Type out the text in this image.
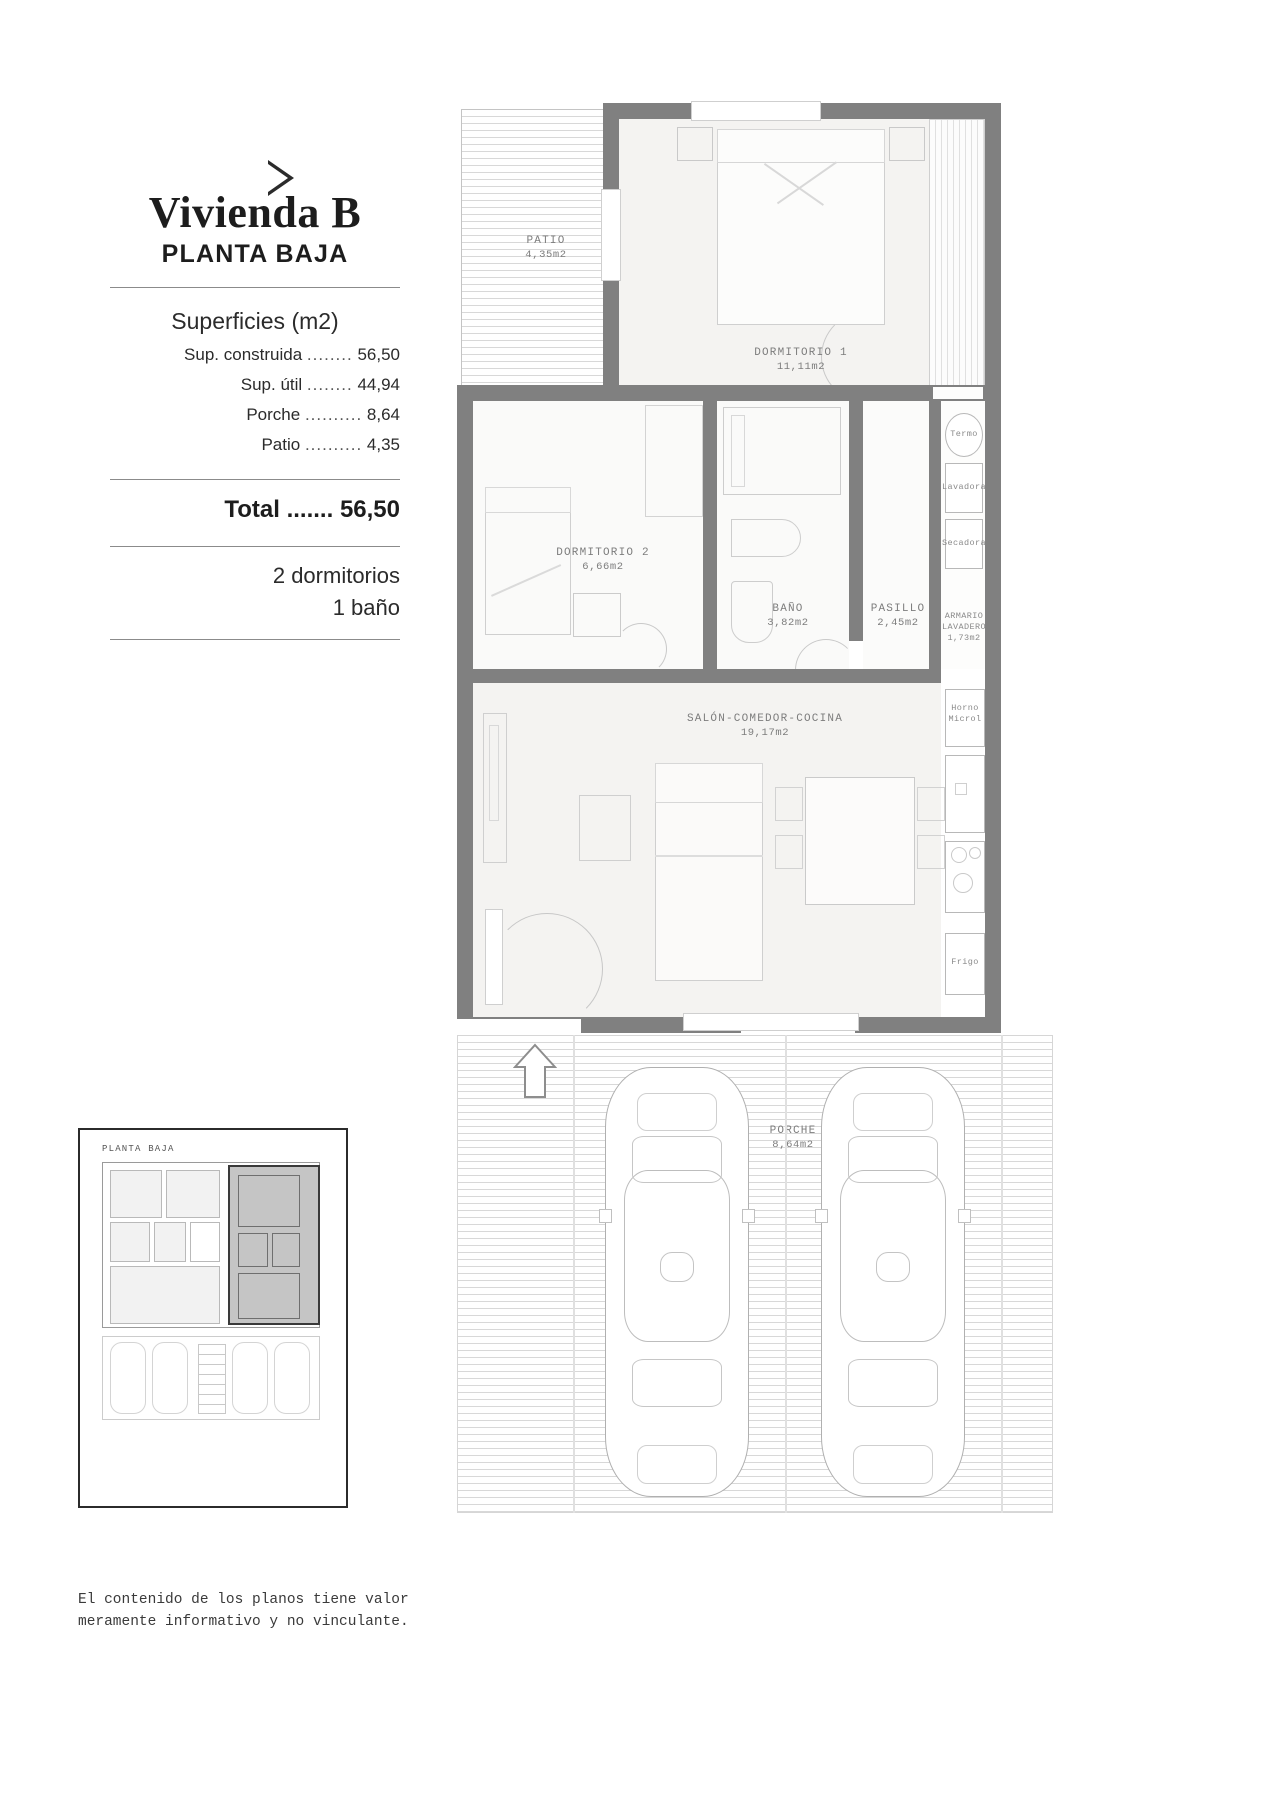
Vivienda B
PLANTA BAJA
Superficies (m2)
Sup. construida ........ 56,50
Sup. útil ........ 44,94
Porche .......... 8,64
Patio .......... 4,35
Total ....... 56,50
2 dormitorios
1 baño
PLANTA BAJA
El contenido de los planos tiene valor
meramente informativo y no vinculante.
PATIO
4,35m2
DORMITORIO 1
11,11m2
DORMITORIO 2
6,66m2
BAÑO
3,82m2
PASILLO
2,45m2
Termo
Lavadora
Secadora
ARMARIO
LAVADERO
1,73m2
SALÓN-COMEDOR-COCINA
19,17m2
Horno
Microl
Frigo
PORCHE
8,64m2
